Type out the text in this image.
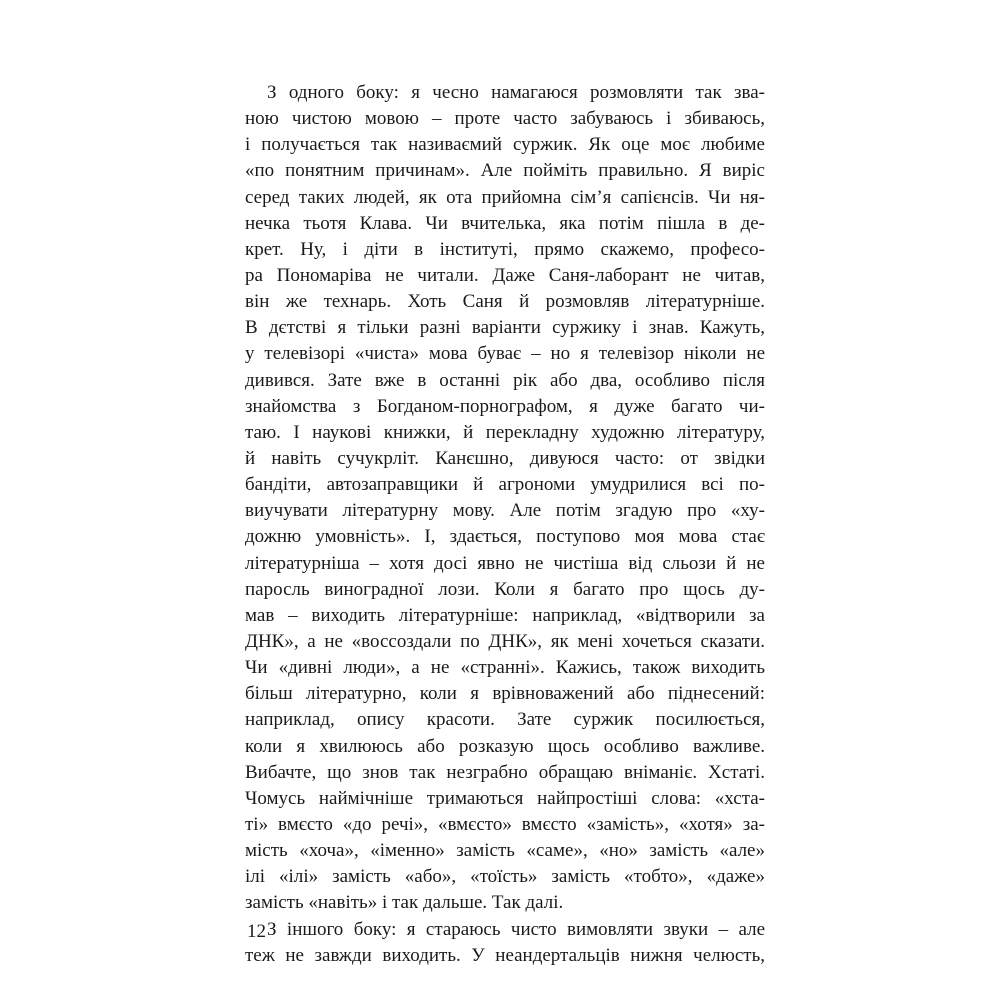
З одного боку: я чесно намагаюся розмовляти так зва-
ною чистою мовою – проте часто забуваюсь і збиваюсь,
і получається так називаємий суржик. Як оце моє любиме
«по понятним причинам». Але пойміть правильно. Я виріс
серед таких людей, як ота прийомна сім’я сапієнсів. Чи ня-
нечка тьотя Клава. Чи вчителька, яка потім пішла в де-
крет. Ну, і діти в інституті, прямо скажемо, професо-
ра Пономаріва не читали. Даже Саня-лаборант не читав,
він же технарь. Хоть Саня й розмовляв літературніше.
В дєтстві я тільки разні варіанти суржику і знав. Кажуть,
у телевізорі «чиста» мова буває – но я телевізор ніколи не
дивився. Зате вже в останні рік або два, особливо після
знайомства з Богданом-порнографом, я дуже багато чи-
таю. І наукові книжки, й перекладну художню літературу,
й навіть сучукрліт. Канєшно, дивуюся часто: от звідки
бандіти, автозаправщики й агрономи умудрилися всі по-
виучувати літературну мову. Але потім згадую про «ху-
дожню умовність». І, здається, поступово моя мова стає
літературніша – хотя досі явно не чистіша від сльози й не
паросль виноградної лози. Коли я багато про щось ду-
мав – виходить літературніше: наприклад, «відтворили за
ДНК», а не «воссоздали по ДНК», як мені хочеться сказати.
Чи «дивні люди», а не «странні». Кажись, також виходить
більш літературно, коли я врівноважений або піднесений:
наприклад, опису красоти. Зате суржик посилюється,
коли я хвилююсь або розказую щось особливо важливе.
Вибачте, що знов так незграбно обращаю вніманіє. Хстаті.
Чомусь наймічніше тримаються найпростіші слова: «хста-
ті» вмєсто «до речі», «вмєсто» вмєсто «замість», «хотя» за-
мість «хоча», «іменно» замість «саме», «но» замість «але»
ілі «ілі» замість «або», «тоїсть» замість «тобто», «даже»
замість «навіть» і так дальше. Так далі.
З іншого боку: я стараюсь чисто вимовляти звуки – але
теж не завжди виходить. У неандертальців нижня челюсть,
12
